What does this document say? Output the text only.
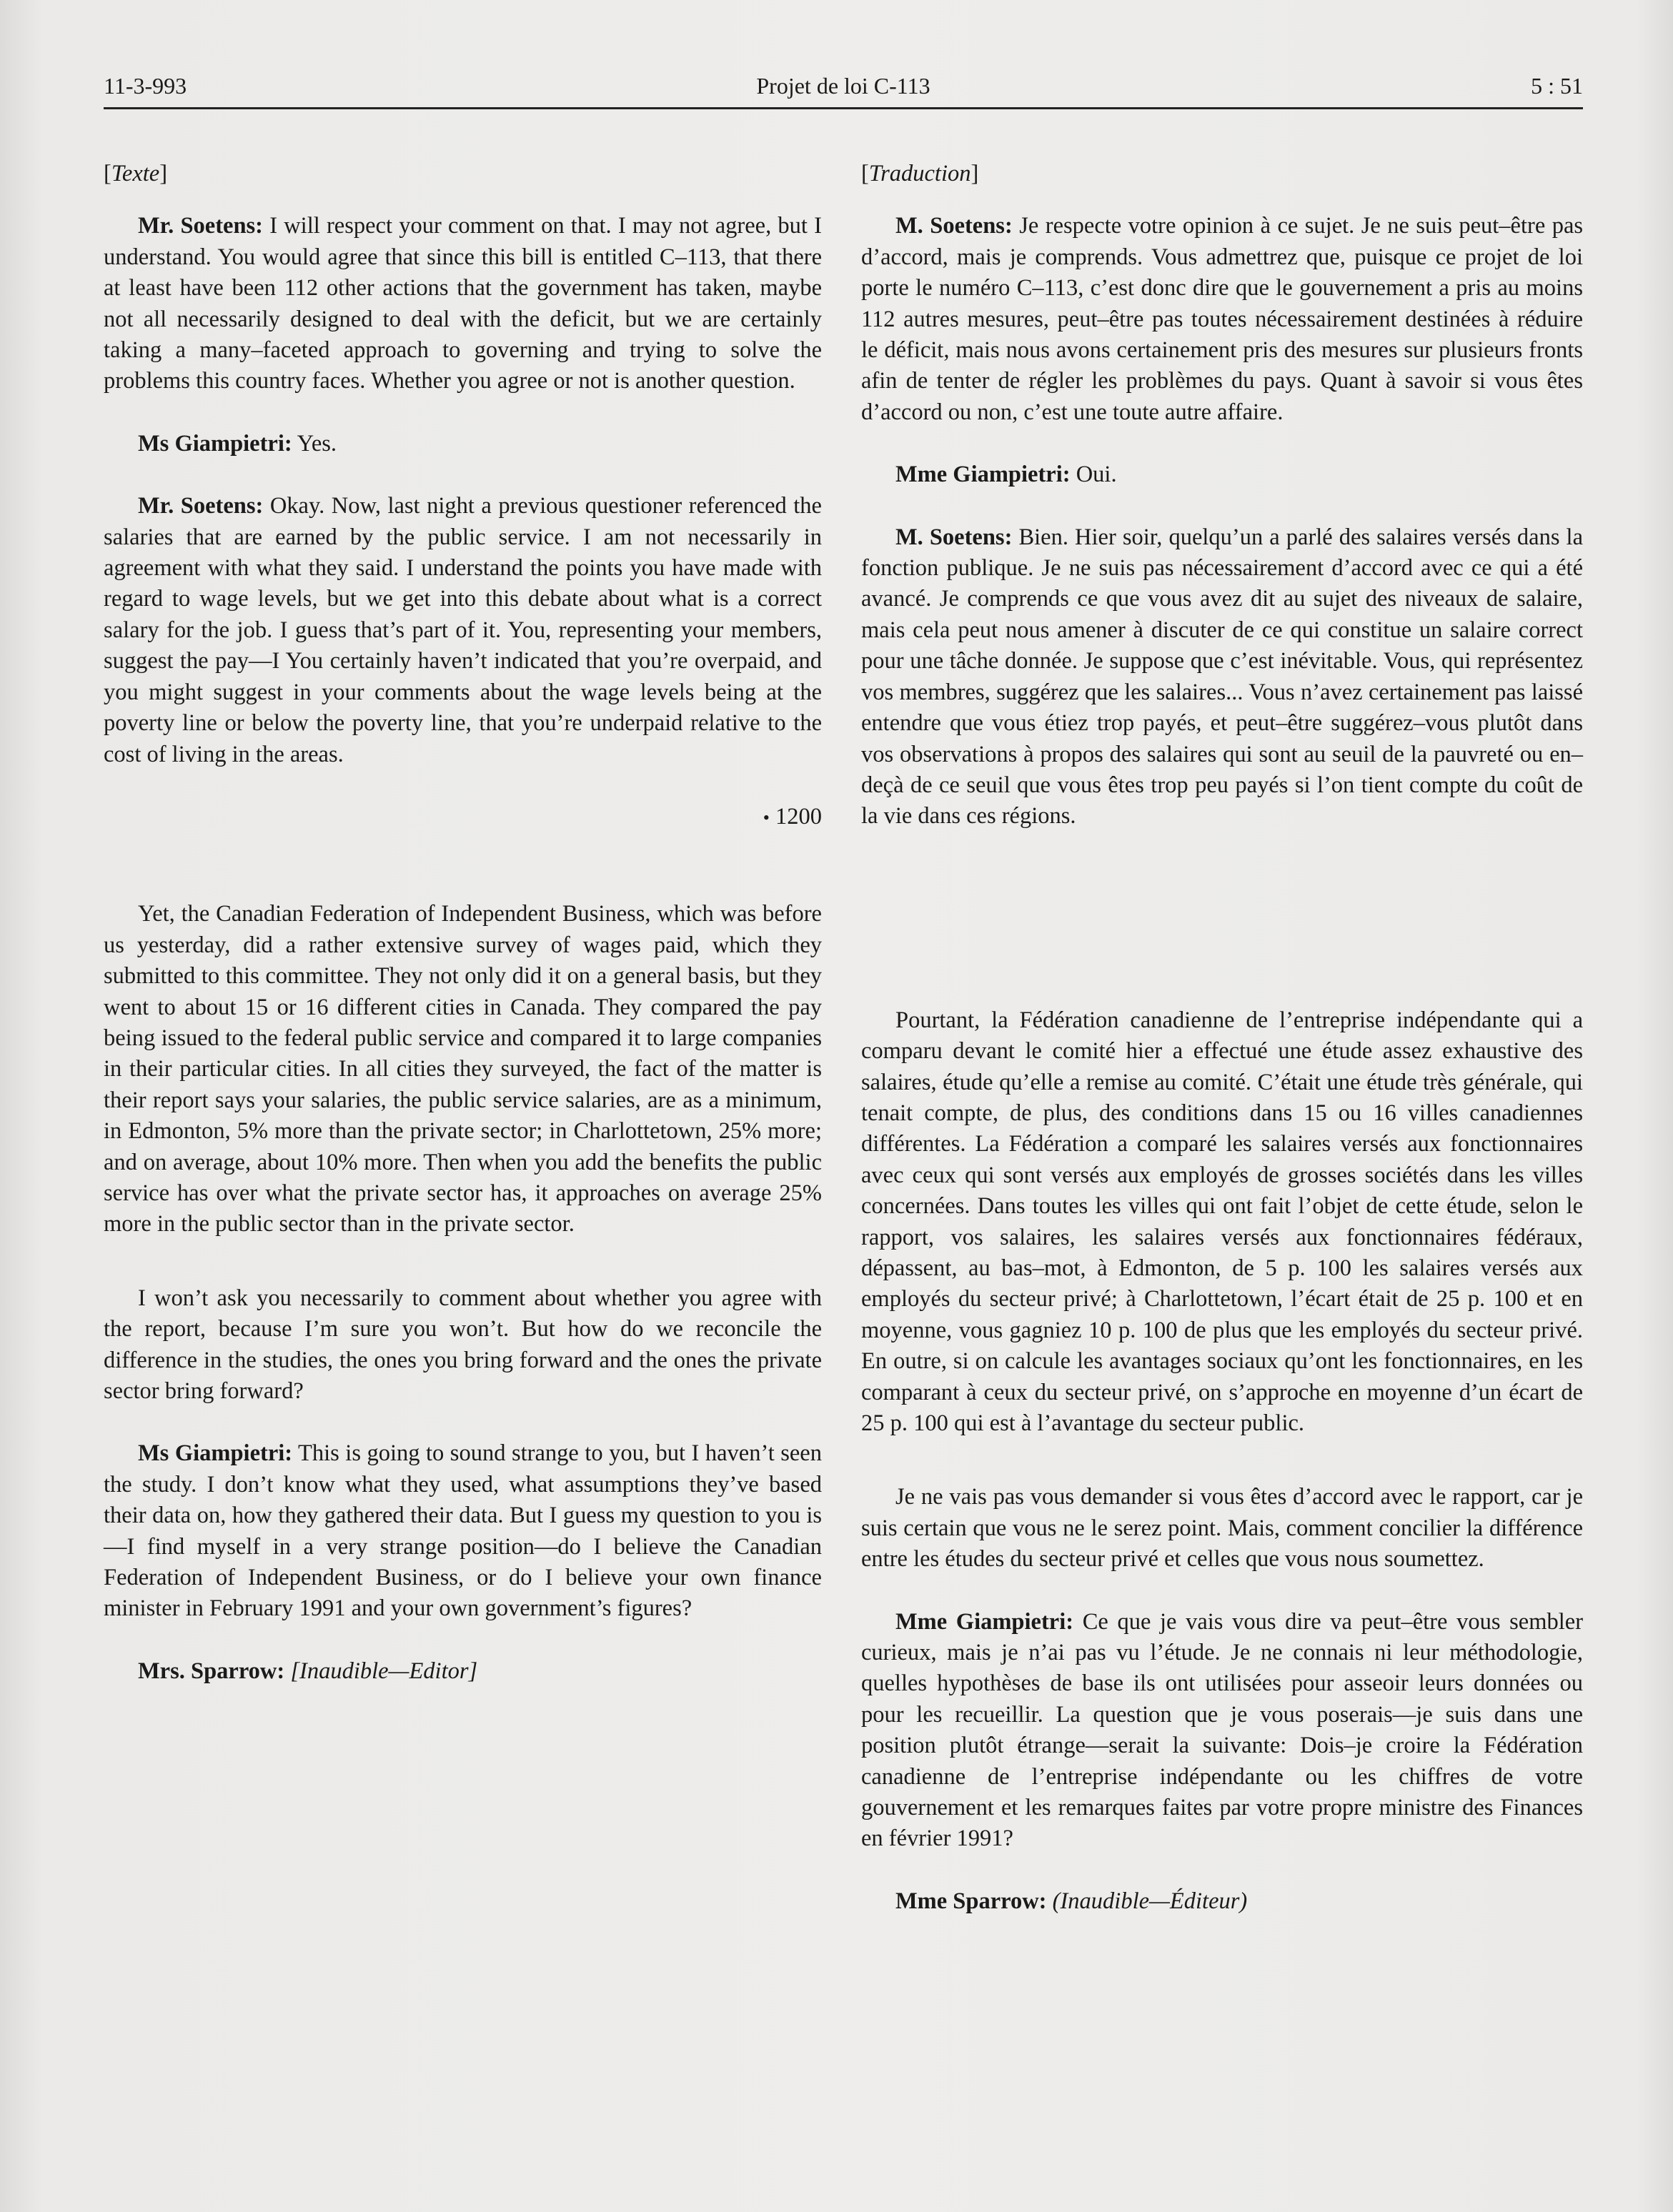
11-3-993	Projet de loi C-113	5 : 51

[Texte]

Mr. Soetens: I will respect your comment on that. I may not agree, but I understand. You would agree that since this bill is entitled C–113, that there at least have been 112 other actions that the government has taken, maybe not all necessarily designed to deal with the deficit, but we are certainly taking a many–faceted approach to governing and trying to solve the problems this country faces. Whether you agree or not is another question.

Ms Giampietri: Yes.

Mr. Soetens: Okay. Now, last night a previous questioner referenced the salaries that are earned by the public service. I am not necessarily in agreement with what they said. I understand the points you have made with regard to wage levels, but we get into this debate about what is a correct salary for the job. I guess that’s part of it. You, representing your members, suggest the pay—I You certainly haven’t indicated that you’re overpaid, and you might suggest in your comments about the wage levels being at the poverty line or below the poverty line, that you’re underpaid relative to the cost of living in the areas.

• 1200

Yet, the Canadian Federation of Independent Business, which was before us yesterday, did a rather extensive survey of wages paid, which they submitted to this committee. They not only did it on a general basis, but they went to about 15 or 16 different cities in Canada. They compared the pay being issued to the federal public service and compared it to large companies in their particular cities. In all cities they surveyed, the fact of the matter is their report says your salaries, the public service salaries, are as a minimum, in Edmonton, 5% more than the private sector; in Charlottetown, 25% more; and on average, about 10% more. Then when you add the benefits the public service has over what the private sector has, it approaches on average 25% more in the public sector than in the private sector.

I won’t ask you necessarily to comment about whether you agree with the report, because I’m sure you won’t. But how do we reconcile the difference in the studies, the ones you bring forward and the ones the private sector bring forward?

Ms Giampietri: This is going to sound strange to you, but I haven’t seen the study. I don’t know what they used, what assumptions they’ve based their data on, how they gathered their data. But I guess my question to you is—I find myself in a very strange position—do I believe the Canadian Federation of Independent Business, or do I believe your own finance minister in February 1991 and your own government’s figures?

Mrs. Sparrow: [Inaudible—Editor]

[Traduction]

M. Soetens: Je respecte votre opinion à ce sujet. Je ne suis peut–être pas d’accord, mais je comprends. Vous admettrez que, puisque ce projet de loi porte le numéro C–113, c’est donc dire que le gouvernement a pris au moins 112 autres mesures, peut–être pas toutes nécessairement destinées à réduire le déficit, mais nous avons certainement pris des mesures sur plusieurs fronts afin de tenter de régler les problèmes du pays. Quant à savoir si vous êtes d’accord ou non, c’est une toute autre affaire.

Mme Giampietri: Oui.

M. Soetens: Bien. Hier soir, quelqu’un a parlé des salaires versés dans la fonction publique. Je ne suis pas nécessairement d’accord avec ce qui a été avancé. Je comprends ce que vous avez dit au sujet des niveaux de salaire, mais cela peut nous amener à discuter de ce qui constitue un salaire correct pour une tâche donnée. Je suppose que c’est inévitable. Vous, qui représentez vos membres, suggérez que les salaires... Vous n’avez certainement pas laissé entendre que vous étiez trop payés, et peut–être suggérez–vous plutôt dans vos observations à propos des salaires qui sont au seuil de la pauvreté ou en–deçà de ce seuil que vous êtes trop peu payés si l’on tient compte du coût de la vie dans ces régions.

Pourtant, la Fédération canadienne de l’entreprise indépendante qui a comparu devant le comité hier a effectué une étude assez exhaustive des salaires, étude qu’elle a remise au comité. C’était une étude très générale, qui tenait compte, de plus, des conditions dans 15 ou 16 villes canadiennes différentes. La Fédération a comparé les salaires versés aux fonctionnaires avec ceux qui sont versés aux employés de grosses sociétés dans les villes concernées. Dans toutes les villes qui ont fait l’objet de cette étude, selon le rapport, vos salaires, les salaires versés aux fonctionnaires fédéraux, dépassent, au bas–mot, à Edmonton, de 5 p. 100 les salaires versés aux employés du secteur privé; à Charlottetown, l’écart était de 25 p. 100 et en moyenne, vous gagniez 10 p. 100 de plus que les employés du secteur privé. En outre, si on calcule les avantages sociaux qu’ont les fonctionnaires, en les comparant à ceux du secteur privé, on s’approche en moyenne d’un écart de 25 p. 100 qui est à l’avantage du secteur public.

Je ne vais pas vous demander si vous êtes d’accord avec le rapport, car je suis certain que vous ne le serez point. Mais, comment concilier la différence entre les études du secteur privé et celles que vous nous soumettez.

Mme Giampietri: Ce que je vais vous dire va peut–être vous sembler curieux, mais je n’ai pas vu l’étude. Je ne connais ni leur méthodologie, quelles hypothèses de base ils ont utilisées pour asseoir leurs données ou pour les recueillir. La question que je vous poserais—je suis dans une position plutôt étrange—serait la suivante: Dois–je croire la Fédération canadienne de l’entreprise indépendante ou les chiffres de votre gouvernement et les remarques faites par votre propre ministre des Finances en février 1991?

Mme Sparrow: (Inaudible—Éditeur)
